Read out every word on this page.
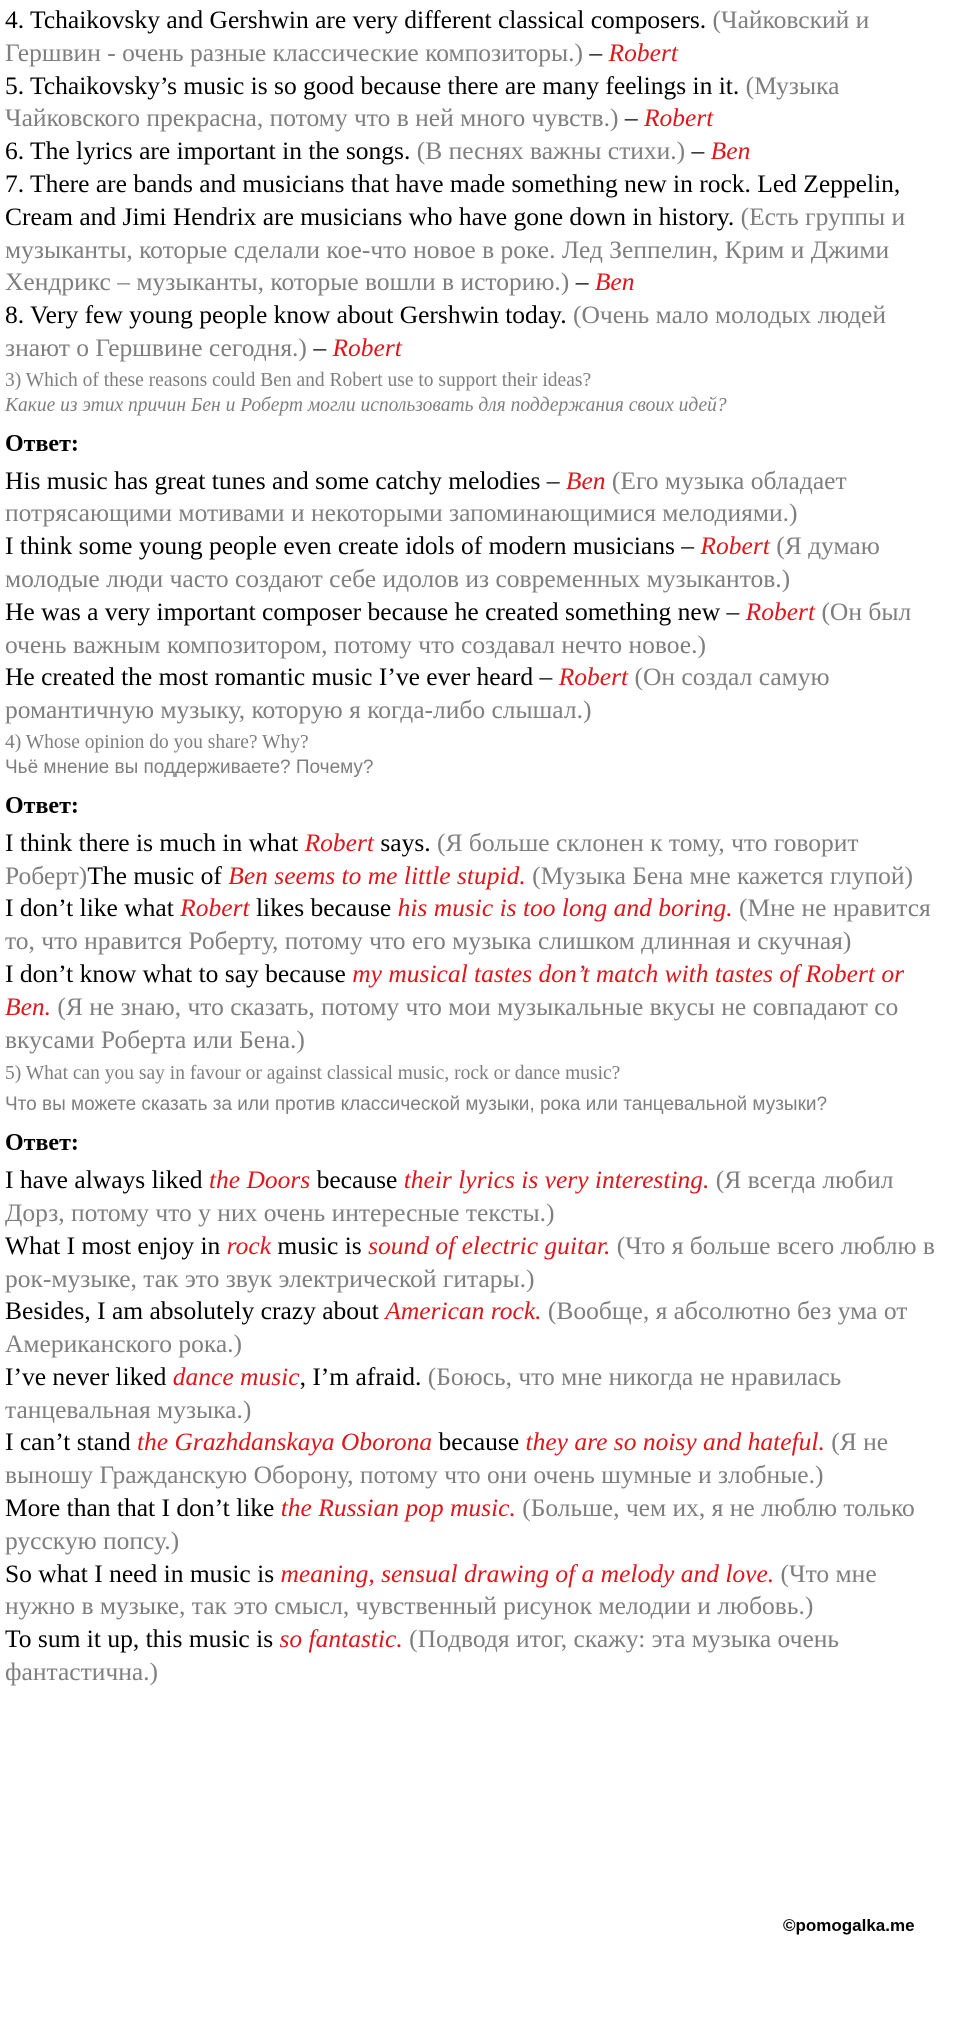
4. Tchaikovsky and Gershwin are very different classical composers. (Чайковский и Гершвин - очень разные классические композиторы.) – Robert

5. Tchaikovsky’s music is so good because there are many feelings in it. (Музыка Чайковского прекрасна, потому что в ней много чувств.) – Robert

6. The lyrics are important in the songs. (В песнях важны стихи.) – Ben

7. There are bands and musicians that have made something new in rock. Led Zeppelin, Cream and Jimi Hendrix are musicians who have gone down in history. (Есть группы и музыканты, которые сделали кое-что новое в роке. Лед Зеппелин, Крим и Джими Хендрикс – музыканты, которые вошли в историю.) – Ben

8. Very few young people know about Gershwin today. (Очень мало молодых людей знают о Гершвине сегодня.) – Robert

3) Which of these reasons could Ben and Robert use to support their ideas?

Какие из этих причин Бен и Роберт могли использовать для поддержания своих идей?

Ответ:

His music has great tunes and some catchy melodies – Ben (Его музыка обладает потрясающими мотивами и некоторыми запоминающимися мелодиями.)

I think some young people even create idols of modern musicians – Robert (Я думаю молодые люди часто создают себе идолов из современных музыкантов.)

He was a very important composer because he created something new – Robert (Он был очень важным композитором, потому что создавал нечто новое.)

He created the most romantic music I’ve ever heard – Robert (Он создал самую романтичную музыку, которую я когда-либо слышал.)

4) Whose opinion do you share? Why?

Чьё мнение вы поддерживаете? Почему?

Ответ:

I think there is much in what Robert says. (Я больше склонен к тому, что говорит Роберт)The music of Ben seems to me little stupid. (Музыка Бена мне кажется глупой)

I don’t like what Robert likes because his music is too long and boring. (Мне не нравится то, что нравится Роберту, потому что его музыка слишком длинная и скучная)

I don’t know what to say because my musical tastes don’t match with tastes of Robert or Ben. (Я не знаю, что сказать, потому что мои музыкальные вкусы не совпадают со вкусами Роберта или Бена.)

5) What can you say in favour or against classical music, rock or dance music?

Что вы можете сказать за или против классической музыки, рока или танцевальной музыки?

Ответ:

I have always liked the Doors because their lyrics is very interesting. (Я всегда любил Дорз, потому что у них очень интересные тексты.)

What I most enjoy in rock music is sound of electric guitar. (Что я больше всего люблю в рок-музыке, так это звук электрической гитары.)

Besides, I am absolutely crazy about American rock. (Вообще, я абсолютно без ума от Американского рока.)

I’ve never liked dance music, I’m afraid. (Боюсь, что мне никогда не нравилась танцевальная музыка.)

I can’t stand the Grazhdanskaya Oborona because they are so noisy and hateful. (Я не выношу Гражданскую Оборону, потому что они очень шумные и злобные.)

More than that I don’t like the Russian pop music. (Больше, чем их, я не люблю только русскую попсу.)

So what I need in music is meaning, sensual drawing of a melody and love. (Что мне нужно в музыке, так это смысл, чувственный рисунок мелодии и любовь.)

To sum it up, this music is so fantastic. (Подводя итог, скажу: эта музыка очень фантастична.)

©pomogalka.me
